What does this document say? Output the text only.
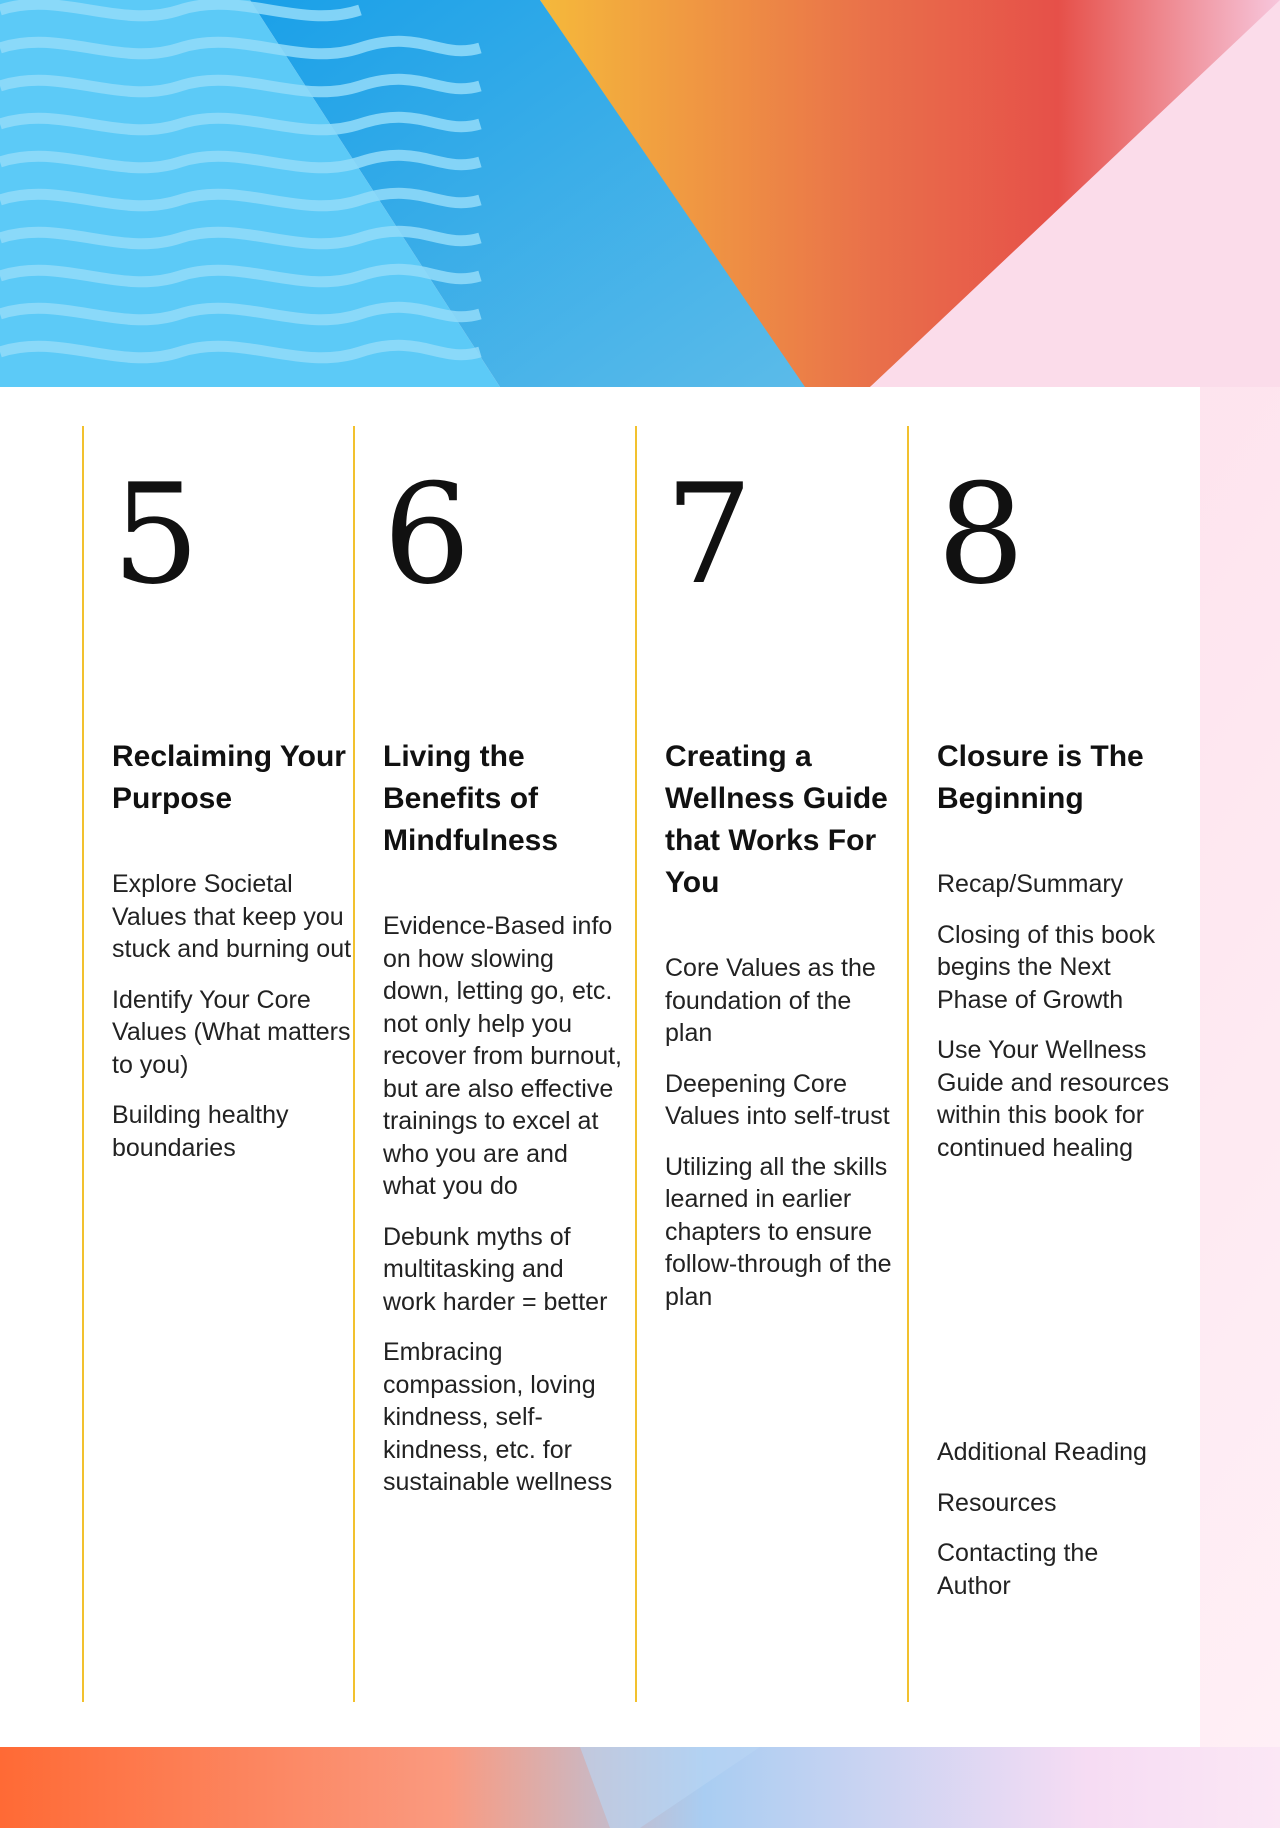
5
Reclaiming Your Purpose
Explore Societal Values that keep you stuck and burning out
Identify Your Core Values (What matters to you)
Building healthy boundaries
6
Living the Benefits of Mindfulness
Evidence-Based info on how slowing down, letting go, etc. not only help you recover from burnout, but are also effective trainings to excel at who you are and what you do
Debunk myths of multitasking and work harder = better
Embracing compassion, loving kindness, self-kindness, etc. for sustainable wellness
7
Creating a Wellness Guide that Works For You
Core Values as the foundation of the plan
Deepening Core Values into self-trust
Utilizing all the skills learned in earlier chapters to ensure follow-through of the plan
8
Closure is The Beginning
Recap/Summary
Closing of this book begins the Next Phase of Growth
Use Your Wellness Guide and resources within this book for continued healing
Additional Reading
Resources
Contacting the Author
